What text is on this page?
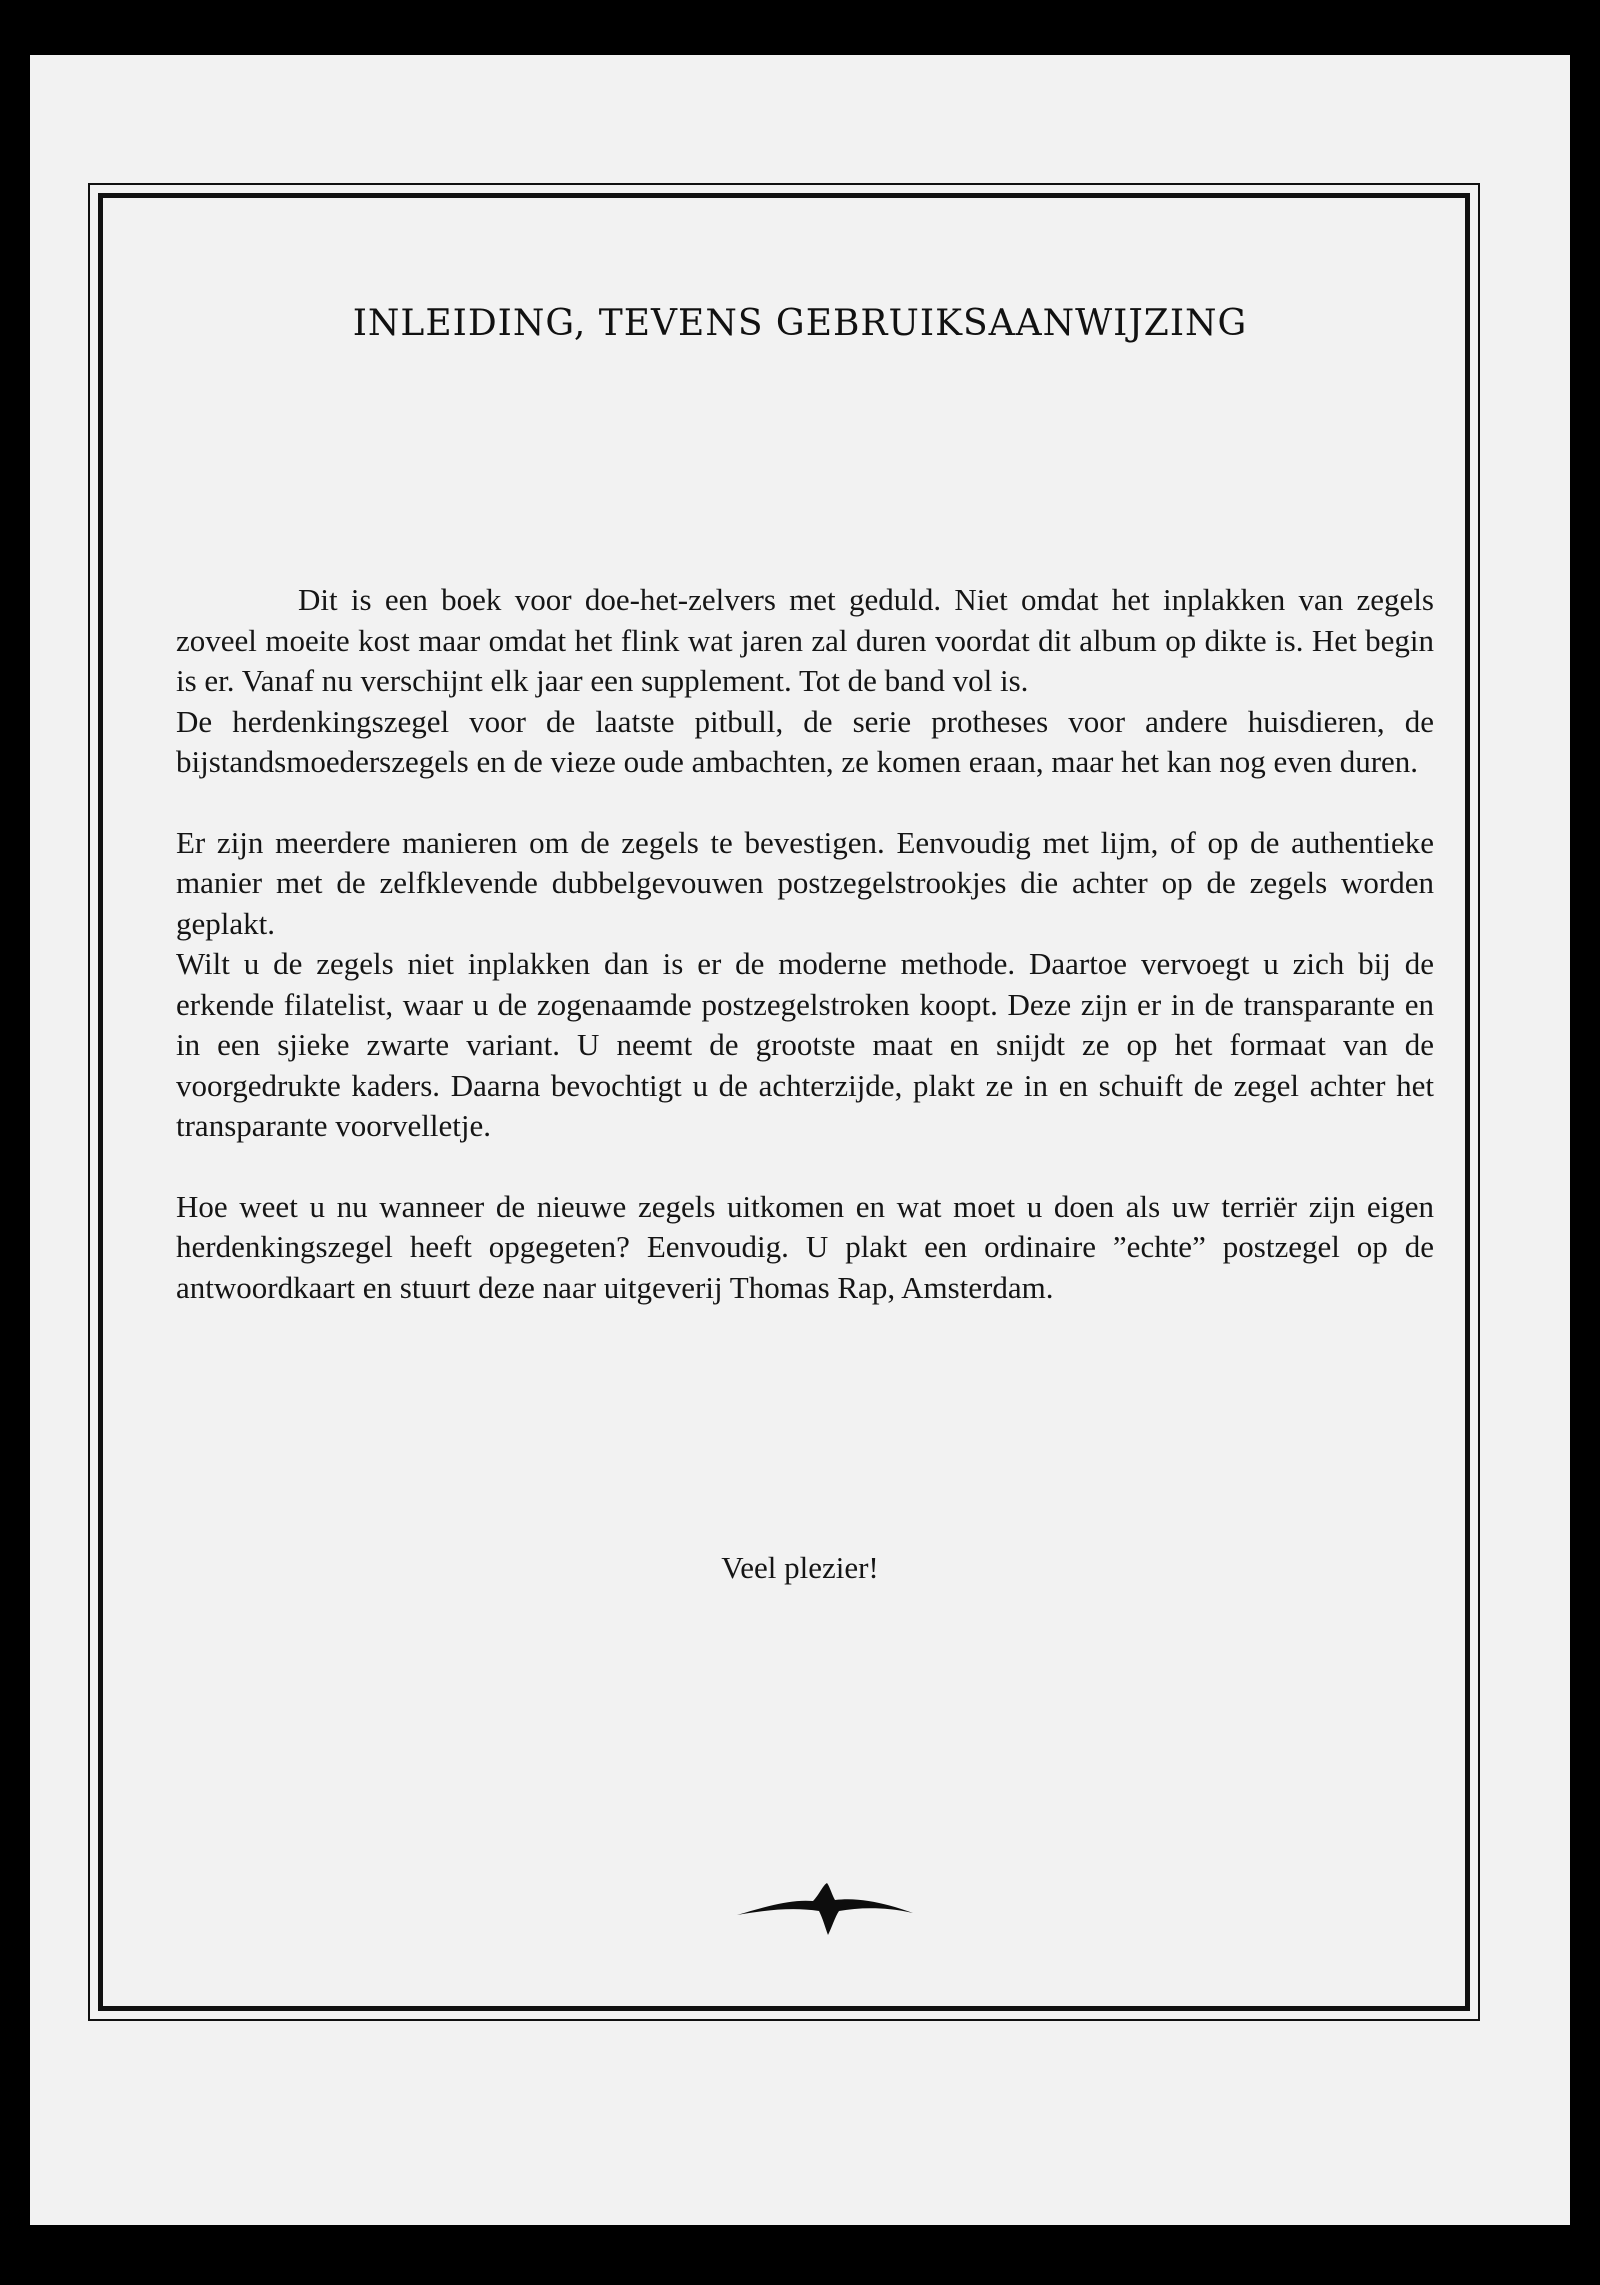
INLEIDING, TEVENS GEBRUIKSAANWIJZING

Dit is een boek voor doe-het-zelvers met geduld. Niet omdat het inplakken van zegels zoveel moeite kost maar omdat het flink wat jaren zal duren voordat dit album op dikte is. Het begin is er. Vanaf nu verschijnt elk jaar een supplement. Tot de band vol is.

De herdenkingszegel voor de laatste pitbull, de serie protheses voor andere huisdieren, de bijstandsmoederszegels en de vieze oude ambachten, ze komen eraan, maar het kan nog even duren.

Er zijn meerdere manieren om de zegels te bevestigen. Eenvoudig met lijm, of op de authentieke manier met de zelfklevende dubbelgevouwen postzegelstrookjes die achter op de zegels worden geplakt.

Wilt u de zegels niet inplakken dan is er de moderne methode. Daartoe vervoegt u zich bij de erkende filatelist, waar u de zogenaamde postzegelstroken koopt. Deze zijn er in de transparante en in een sjieke zwarte variant. U neemt de grootste maat en snijdt ze op het formaat van de voorgedrukte kaders. Daarna bevochtigt u de achterzijde, plakt ze in en schuift de zegel achter het transparante voorvelletje.

Hoe weet u nu wanneer de nieuwe zegels uitkomen en wat moet u doen als uw terriër zijn eigen herdenkingszegel heeft opgegeten? Eenvoudig. U plakt een ordinaire ”echte” postzegel op de antwoordkaart en stuurt deze naar uitgeverij Thomas Rap, Amsterdam.

Veel plezier!
